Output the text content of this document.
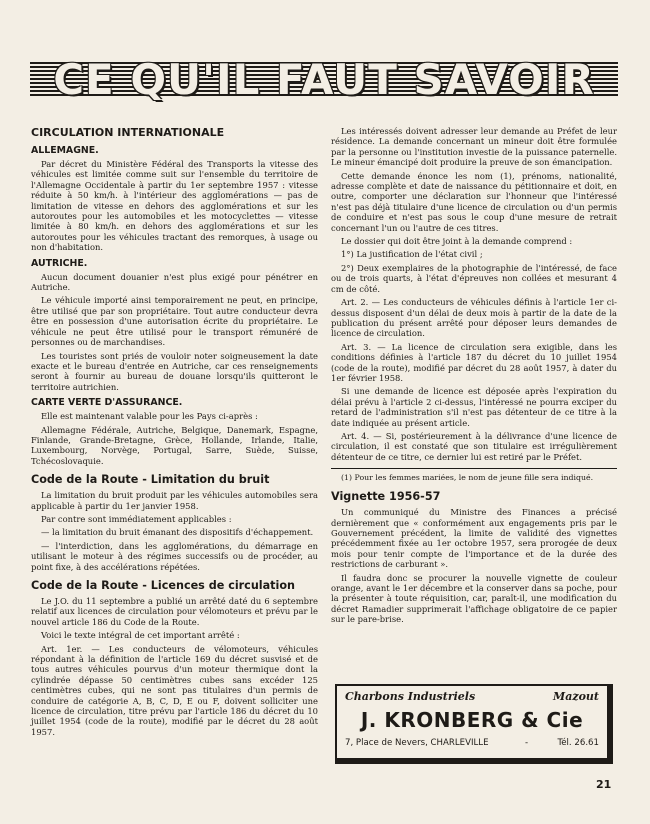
CE QU'IL FAUT SAVOIR
CIRCULATION INTERNATIONALE
ALLEMAGNE.

Par décret du Ministère Fédéral des Transports la vitesse des véhicules est limitée comme suit sur l'ensemble du territoire de l'Allemagne Occidentale à partir du 1er septembre 1957 : vitesse réduite à 50 km/h. à l'intérieur des agglomérations — pas de limitation de vitesse en dehors des agglomérations et sur les autoroutes pour les automobiles et les motocyclettes — vitesse limitée à 80 km/h. en dehors des agglomérations et sur les autoroutes pour les véhicules tractant des remorques, à usage ou non d'habitation.

AUTRICHE.

Aucun document douanier n'est plus exigé pour pénétrer en Autriche.

Le véhicule importé ainsi temporairement ne peut, en principe, être utilisé que par son propriétaire. Tout autre conducteur devra être en possession d'une autorisation écrite du propriétaire. Le véhicule ne peut être utilisé pour le transport rémunéré de personnes ou de marchandises.

Les touristes sont priés de vouloir noter soigneusement la date exacte et le bureau d'entrée en Autriche, car ces renseignements seront à fournir au bureau de douane lorsqu'ils quitteront le territoire autrichien.

CARTE VERTE D'ASSURANCE.

Elle est maintenant valable pour les Pays ci-après :

Allemagne Fédérale, Autriche, Belgique, Danemark, Espagne, Finlande, Grande-Bretagne, Grèce, Hollande, Irlande, Italie, Luxembourg, Norvège, Portugal, Sarre, Suède, Suisse, Tchécoslovaquie.

Code de la Route - Limitation du bruit

La limitation du bruit produit par les véhicules automobiles sera applicable à partir du 1er janvier 1958.

Par contre sont immédiatement applicables :

— la limitation du bruit émanant des dispositifs d'échappement.

— l'interdiction, dans les agglomérations, du démarrage en utilisant le moteur à des régimes successifs ou de procéder, au point fixe, à des accélérations répétées.

Code de la Route - Licences de circulation

Le J.O. du 11 septembre a publié un arrêté daté du 6 septembre relatif aux licences de circulation pour vélomoteurs et prévu par le nouvel article 186 du Code de la Route.

Voici le texte intégral de cet important arrêté :

Art. 1er. — Les conducteurs de vélomoteurs, véhicules répondant à la définition de l'article 169 du décret susvisé et de tous autres véhicules pourvus d'un moteur thermique dont la cylindrée dépasse 50 centimètres cubes sans excéder 125 centimètres cubes, qui ne sont pas titulaires d'un permis de conduire de catégorie A, B, C, D, E ou F, doivent solliciter une licence de circulation, titre prévu par l'article 186 du décret du 10 juillet 1954 (code de la route), modifié par le décret du 28 août 1957.

Les intéressés doivent adresser leur demande au Préfet de leur résidence. La demande concernant un mineur doit être formulée par la personne ou l'institution investie de la puissance paternelle. Le mineur émancipé doit produire la preuve de son émancipation.

Cette demande énonce les nom (1), prénoms, nationalité, adresse complète et date de naissance du pétitionnaire et doit, en outre, comporter une déclaration sur l'honneur que l'intéressé n'est pas déjà titulaire d'une licence de circulation ou d'un permis de conduire et n'est pas sous le coup d'une mesure de retrait concernant l'un ou l'autre de ces titres.

Le dossier qui doit être joint à la demande comprend :

1°) La justification de l'état civil ;

2°) Deux exemplaires de la photographie de l'intéressé, de face ou de trois quarts, à l'état d'épreuves non collées et mesurant 4 cm de côté.

Art. 2. — Les conducteurs de véhicules définis à l'article 1er ci-dessus disposent d'un délai de deux mois à partir de la date de la publication du présent arrêté pour déposer leurs demandes de licence de circulation.

Art. 3. — La licence de circulation sera exigible, dans les conditions définies à l'article 187 du décret du 10 juillet 1954 (code de la route), modifié par décret du 28 août 1957, à dater du 1er février 1958.

Si une demande de licence est déposée après l'expiration du délai prévu à l'article 2 ci-dessus, l'intéressé ne pourra exciper du retard de l'administration s'il n'est pas détenteur de ce titre à la date indiquée au présent article.

Art. 4. — Si, postérieurement à la délivrance d'une licence de circulation, il est constaté que son titulaire est irrégulièrement détenteur de ce titre, ce dernier lui est retiré par le Préfet.

(1) Pour les femmes mariées, le nom de jeune fille sera indiqué.

Vignette 1956-57

Un communiqué du Ministre des Finances a précisé dernièrement que « conformément aux engagements pris par le Gouvernement précédent, la limite de validité des vignettes précédemment fixée au 1er octobre 1957, sera prorogée de deux mois pour tenir compte de l'importance et de la durée des restrictions de carburant ».

Il faudra donc se procurer la nouvelle vignette de couleur orange, avant le 1er décembre et la conserver dans sa poche, pour la présenter à toute réquisition, car, paraît-il, une modification du décret Ramadier supprimerait l'affichage obligatoire de ce papier sur le pare-brise.

Charbons Industriels	Mazout
J. KRONBERG & Cie
7, Place de Nevers, CHARLEVILLE	-	Tél. 26.61
21
